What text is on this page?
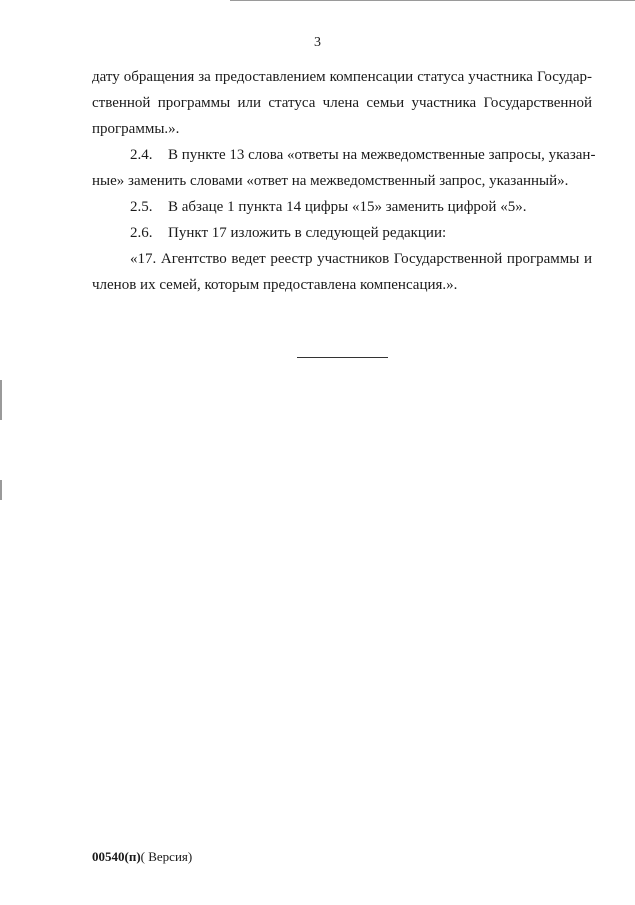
3
дату обращения за предоставлением компенсации статуса участника Государ-
ственной программы или статуса члена семьи участника Государственной
программы.».
2.4. В пункте 13 слова «ответы на межведомственные запросы, указан-
ные» заменить словами «ответ на межведомственный запрос, указанный».
2.5. В абзаце 1 пункта 14 цифры «15» заменить цифрой «5».
2.6. Пункт 17 изложить в следующей редакции:
«17. Агентство ведет реестр участников Государственной программы и
членов их семей, которым предоставлена компенсация.».
00540(п)( Версия)
